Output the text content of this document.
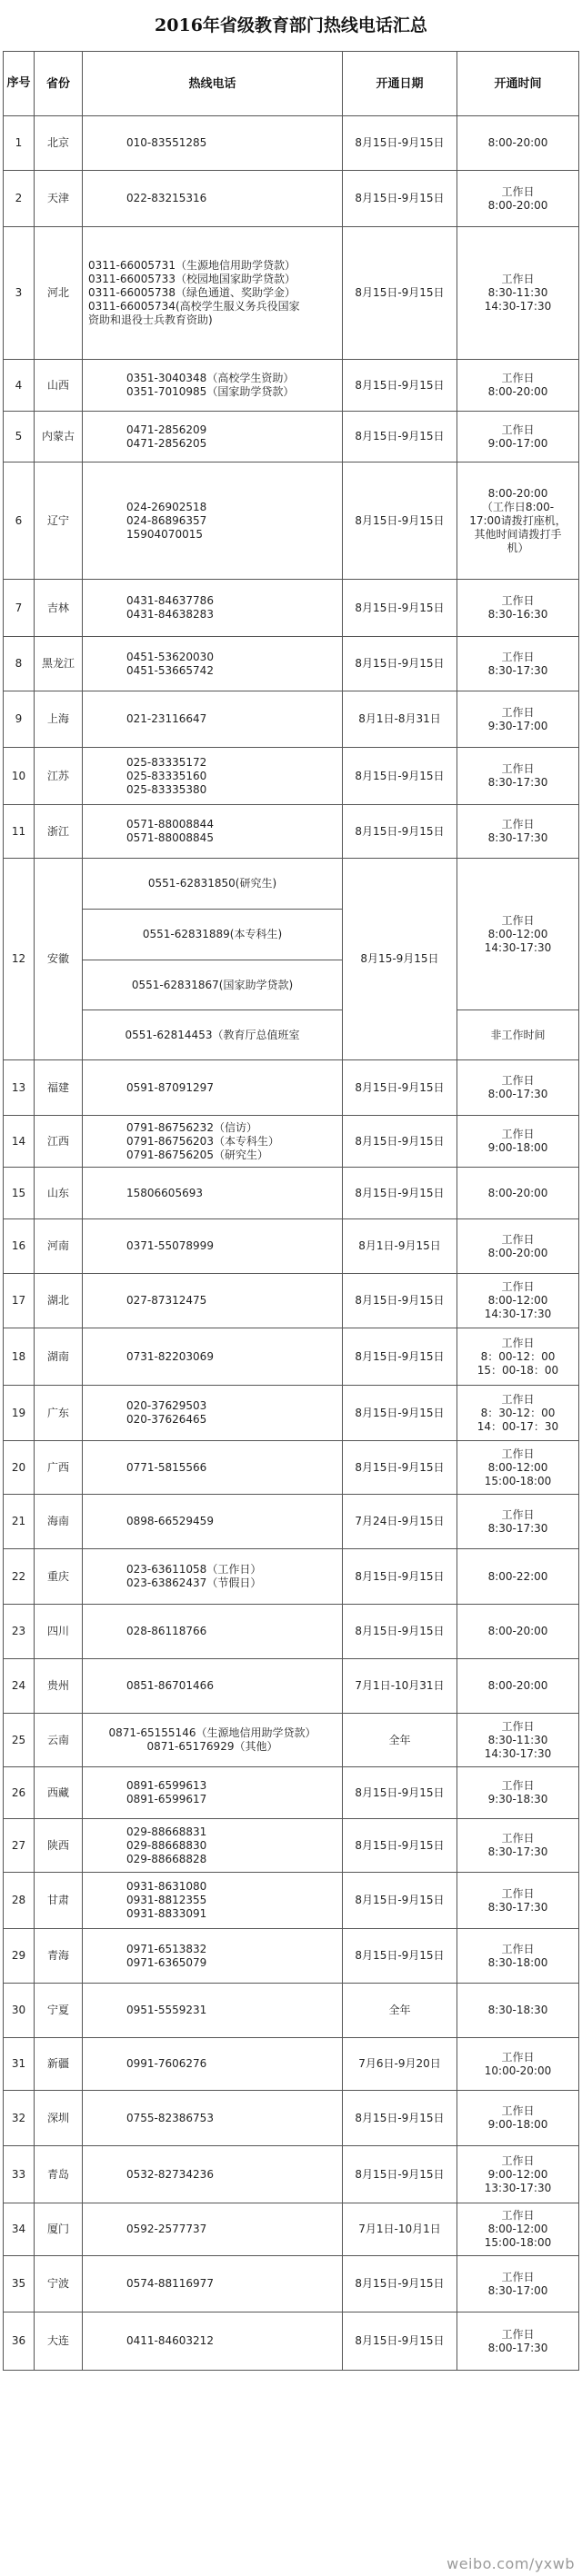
2016年省级教育部门热线电话汇总
序号	省份	热线电话	开通日期	开通时间
1	北京	010-83551285	8月15日-9月15日	8:00-20:00

2	天津	022-83215316	8月15日-9月15日	工作日
8:00-20:00

3	河北	0311-66005731（生源地信用助学贷款）
0311-66005733（校园地国家助学贷款）
0311-66005738（绿色通道、奖助学金）
0311-66005734(高校学生服义务兵役国家
资助和退役士兵教育资助)	8月15日-9月15日	工作日
8:30-11:30
14:30-17:30

4	山西	0351-3040348（高校学生资助）
0351-7010985（国家助学贷款）	8月15日-9月15日	工作日
8:00-20:00

5	内蒙古	0471-2856209
0471-2856205	8月15日-9月15日	工作日
9:00-17:00

6	辽宁	024-26902518
024-86896357
15904070015	8月15日-9月15日	8:00-20:00
（工作日8:00-
17:00请拨打座机，
其他时间请拨打手
机）

7	吉林	0431-84637786
0431-84638283	8月15日-9月15日	工作日
8:30-16:30

8	黑龙江	0451-53620030
0451-53665742	8月15日-9月15日	工作日
8:30-17:30

9	上海	021-23116647	8月1日-8月31日	工作日
9:30-17:00

10	江苏	025-83335172
025-83335160
025-83335380	8月15日-9月15日	工作日
8:30-17:30

11	浙江	0571-88008844
0571-88008845	8月15日-9月15日	工作日
8:30-17:30

12	安徽	0551-62831850(研究生)	8月15-9月15日	工作日
8:00-12:00
14:30-17:30

		0551-62831889(本专科生)		
		0551-62831867(国家助学贷款)		
		0551-62814453（教育厅总值班室		非工作时间
13	福建	0591-87091297	8月15日-9月15日	工作日
8:00-17:30

14	江西	0791-86756232（信访）
0791-86756203（本专科生）
0791-86756205（研究生）	8月15日-9月15日	工作日
9:00-18:00

15	山东	15806605693	8月15日-9月15日	8:00-20:00

16	河南	0371-55078999	8月1日-9月15日	工作日
8:00-20:00

17	湖北	027-87312475	8月15日-9月15日	工作日
8:00-12:00
14:30-17:30

18	湖南	0731-82203069	8月15日-9月15日	工作日
8：00-12：00
15：00-18：00

19	广东	020-37629503
020-37626465	8月15日-9月15日	工作日
8：30-12：00
14：00-17：30

20	广西	0771-5815566	8月15日-9月15日	工作日
8:00-12:00
15:00-18:00

21	海南	0898-66529459	7月24日-9月15日	工作日
8:30-17:30

22	重庆	023-63611058（工作日）
023-63862437（节假日）	8月15日-9月15日	8:00-22:00

23	四川	028-86118766	8月15日-9月15日	8:00-20:00

24	贵州	0851-86701466	7月1日-10月31日	8:00-20:00

25	云南	0871-65155146（生源地信用助学贷款）
0871-65176929（其他）	全年	工作日
8:30-11:30
14:30-17:30

26	西藏	0891-6599613
0891-6599617	8月15日-9月15日	工作日
9:30-18:30

27	陕西	029-88668831
029-88668830
029-88668828	8月15日-9月15日	工作日
8:30-17:30

28	甘肃	0931-8631080
0931-8812355
0931-8833091	8月15日-9月15日	工作日
8:30-17:30

29	青海	0971-6513832
0971-6365079	8月15日-9月15日	工作日
8:30-18:00

30	宁夏	0951-5559231	全年	8:30-18:30

31	新疆	0991-7606276	7月6日-9月20日	工作日
10:00-20:00

32	深圳	0755-82386753	8月15日-9月15日	工作日
9:00-18:00

33	青岛	0532-82734236	8月15日-9月15日	工作日
9:00-12:00
13:30-17:30

34	厦门	0592-2577737	7月1日-10月1日	工作日
8:00-12:00
15:00-18:00

35	宁波	0574-88116977	8月15日-9月15日	工作日
8:30-17:00

36	大连	0411-84603212	8月15日-9月15日	工作日
8:00-17:30
weibo.com/yxwb
